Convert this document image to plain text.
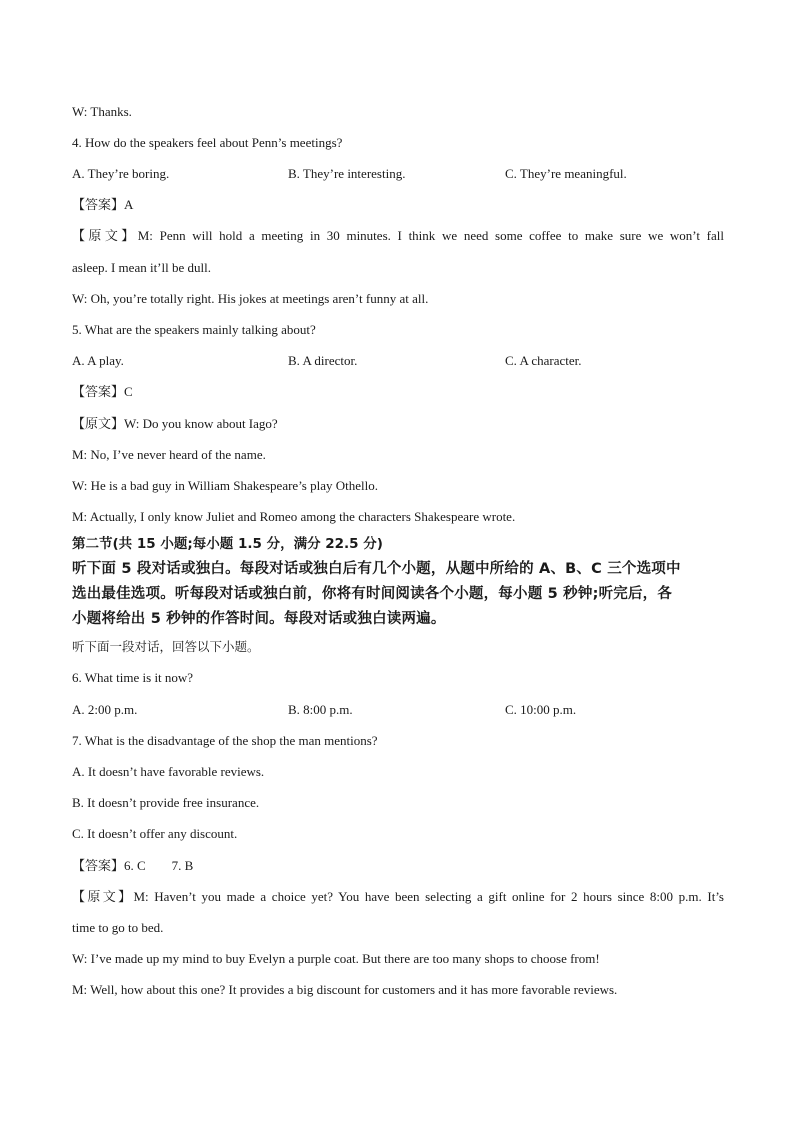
W: Thanks.
4. How do the speakers feel about Penn’s meetings?
A. They’re boring.	B. They’re interesting.	C. They’re meaningful.
【答案】A
【原文】M: Penn will hold a meeting in 30 minutes. I think we need some coffee to make sure we won’t fall
asleep. I mean it’ll be dull.
W: Oh, you’re totally right. His jokes at meetings aren’t funny at all.
5. What are the speakers mainly talking about?
A. A play.	B. A director.	C. A character.
【答案】C
【原文】W: Do you know about Iago?
M: No, I’ve never heard of the name.
W: He is a bad guy in William Shakespeare’s play Othello.
M: Actually, I only know Juliet and Romeo among the characters Shakespeare wrote.
第二节(共 15 小题;每小题 1.5 分，满分 22.5 分)
听下面 5 段对话或独白。每段对话或独白后有几个小题，从题中所给的 A、B、C 三个选项中
选出最佳选项。听每段对话或独白前，你将有时间阅读各个小题，每小题 5 秒钟;听完后，各
小题将给出 5 秒钟的作答时间。每段对话或独白读两遍。
听下面一段对话，回答以下小题。
6. What time is it now?
A. 2:00 p.m.	B. 8:00 p.m.	C. 10:00 p.m.
7. What is the disadvantage of the shop the man mentions?
A. It doesn’t have favorable reviews.
B. It doesn’t provide free insurance.
C. It doesn’t offer any discount.
【答案】6. C        7. B
【原文】M: Haven’t you made a choice yet? You have been selecting a gift online for 2 hours since 8:00 p.m. It’s
time to go to bed.
W: I’ve made up my mind to buy Evelyn a purple coat. But there are too many shops to choose from!
M: Well, how about this one? It provides a big discount for customers and it has more favorable reviews.
